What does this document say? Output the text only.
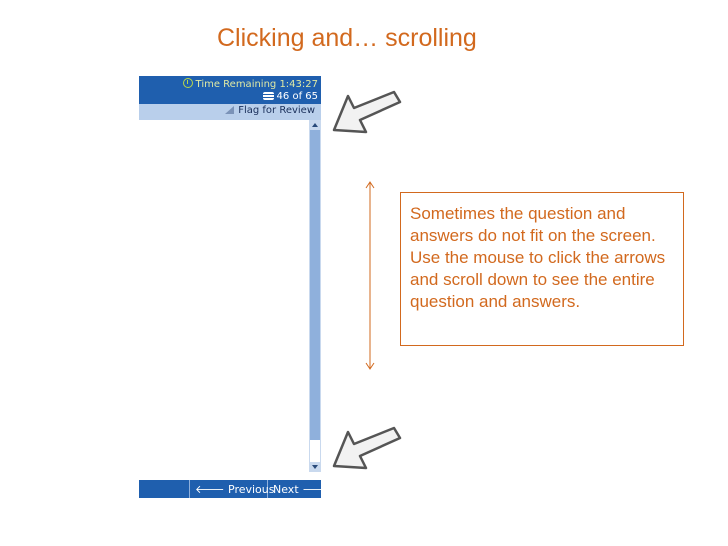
Clicking and… scrolling
Time Remaining 1:43:27
46 of 65
Flag for Review
🡐 Previous
Next 🡒
Sometimes the question and answers do not fit on the screen. Use the mouse to click the arrows and scroll down to see the entire question and answers.
